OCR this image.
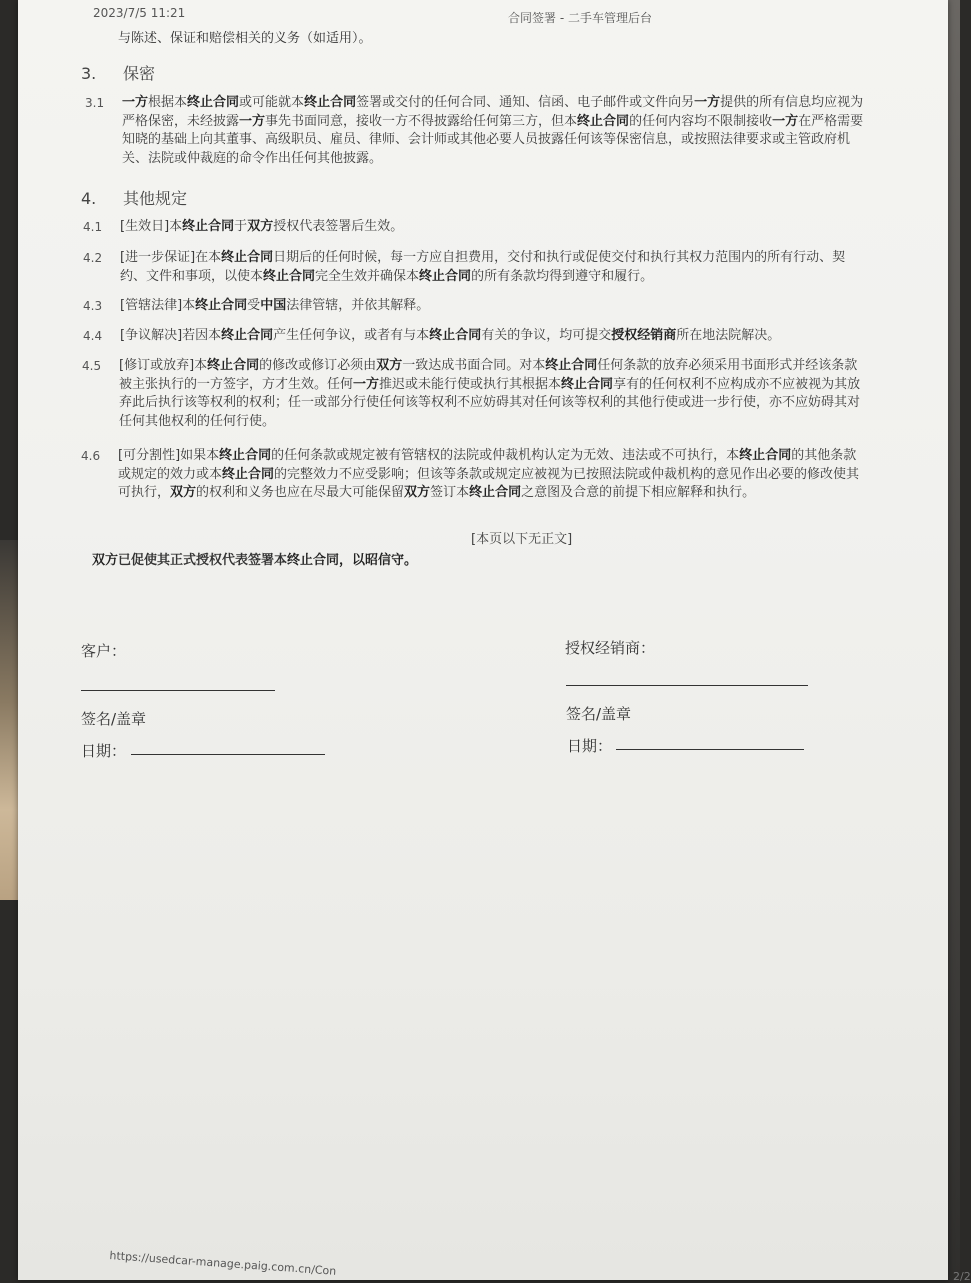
2023/7/5 11:21	合同签署 - 二手车管理后台
与陈述、保证和赔偿相关的义务（如适用）。
3. 保密
3.1 一方根据本终止合同或可能就本终止合同签署或交付的任何合同、通知、信函、电子邮件或文件向另一方提供的所有信息均应视为
严格保密，未经披露一方事先书面同意，接收一方不得披露给任何第三方，但本终止合同的任何内容均不限制接收一方在严格需要
知晓的基础上向其董事、高级职员、雇员、律师、会计师或其他必要人员披露任何该等保密信息，或按照法律要求或主管政府机
关、法院或仲裁庭的命令作出任何其他披露。
4. 其他规定
4.1 [生效日]本终止合同于双方授权代表签署后生效。
4.2 [进一步保证]在本终止合同日期后的任何时候，每一方应自担费用，交付和执行或促使交付和执行其权力范围内的所有行动、契
约、文件和事项，以使本终止合同完全生效并确保本终止合同的所有条款均得到遵守和履行。
4.3 [管辖法律]本终止合同受中国法律管辖，并依其解释。
4.4 [争议解决]若因本终止合同产生任何争议，或者有与本终止合同有关的争议，均可提交授权经销商所在地法院解决。
4.5 [修订或放弃]本终止合同的修改或修订必须由双方一致达成书面合同。对本终止合同任何条款的放弃必须采用书面形式并经该条款
被主张执行的一方签字，方才生效。任何一方推迟或未能行使或执行其根据本终止合同享有的任何权利不应构成亦不应被视为其放
弃此后执行该等权利的权利；任一或部分行使任何该等权利不应妨碍其对任何该等权利的其他行使或进一步行使，亦不应妨碍其对
任何其他权利的任何行使。
4.6 [可分割性]如果本终止合同的任何条款或规定被有管辖权的法院或仲裁机构认定为无效、违法或不可执行，本终止合同的其他条款
或规定的效力或本终止合同的完整效力不应受影响；但该等条款或规定应被视为已按照法院或仲裁机构的意见作出必要的修改使其
可执行，双方的权利和义务也应在尽最大可能保留双方签订本终止合同之意图及合意的前提下相应解释和执行。
[本页以下无正文]
双方已促使其正式授权代表签署本终止合同，以昭信守。
客户：
签名/盖章
日期：
授权经销商：
签名/盖章
日期：
https://usedcar-manage.paig.com.cn/Con	2/2
